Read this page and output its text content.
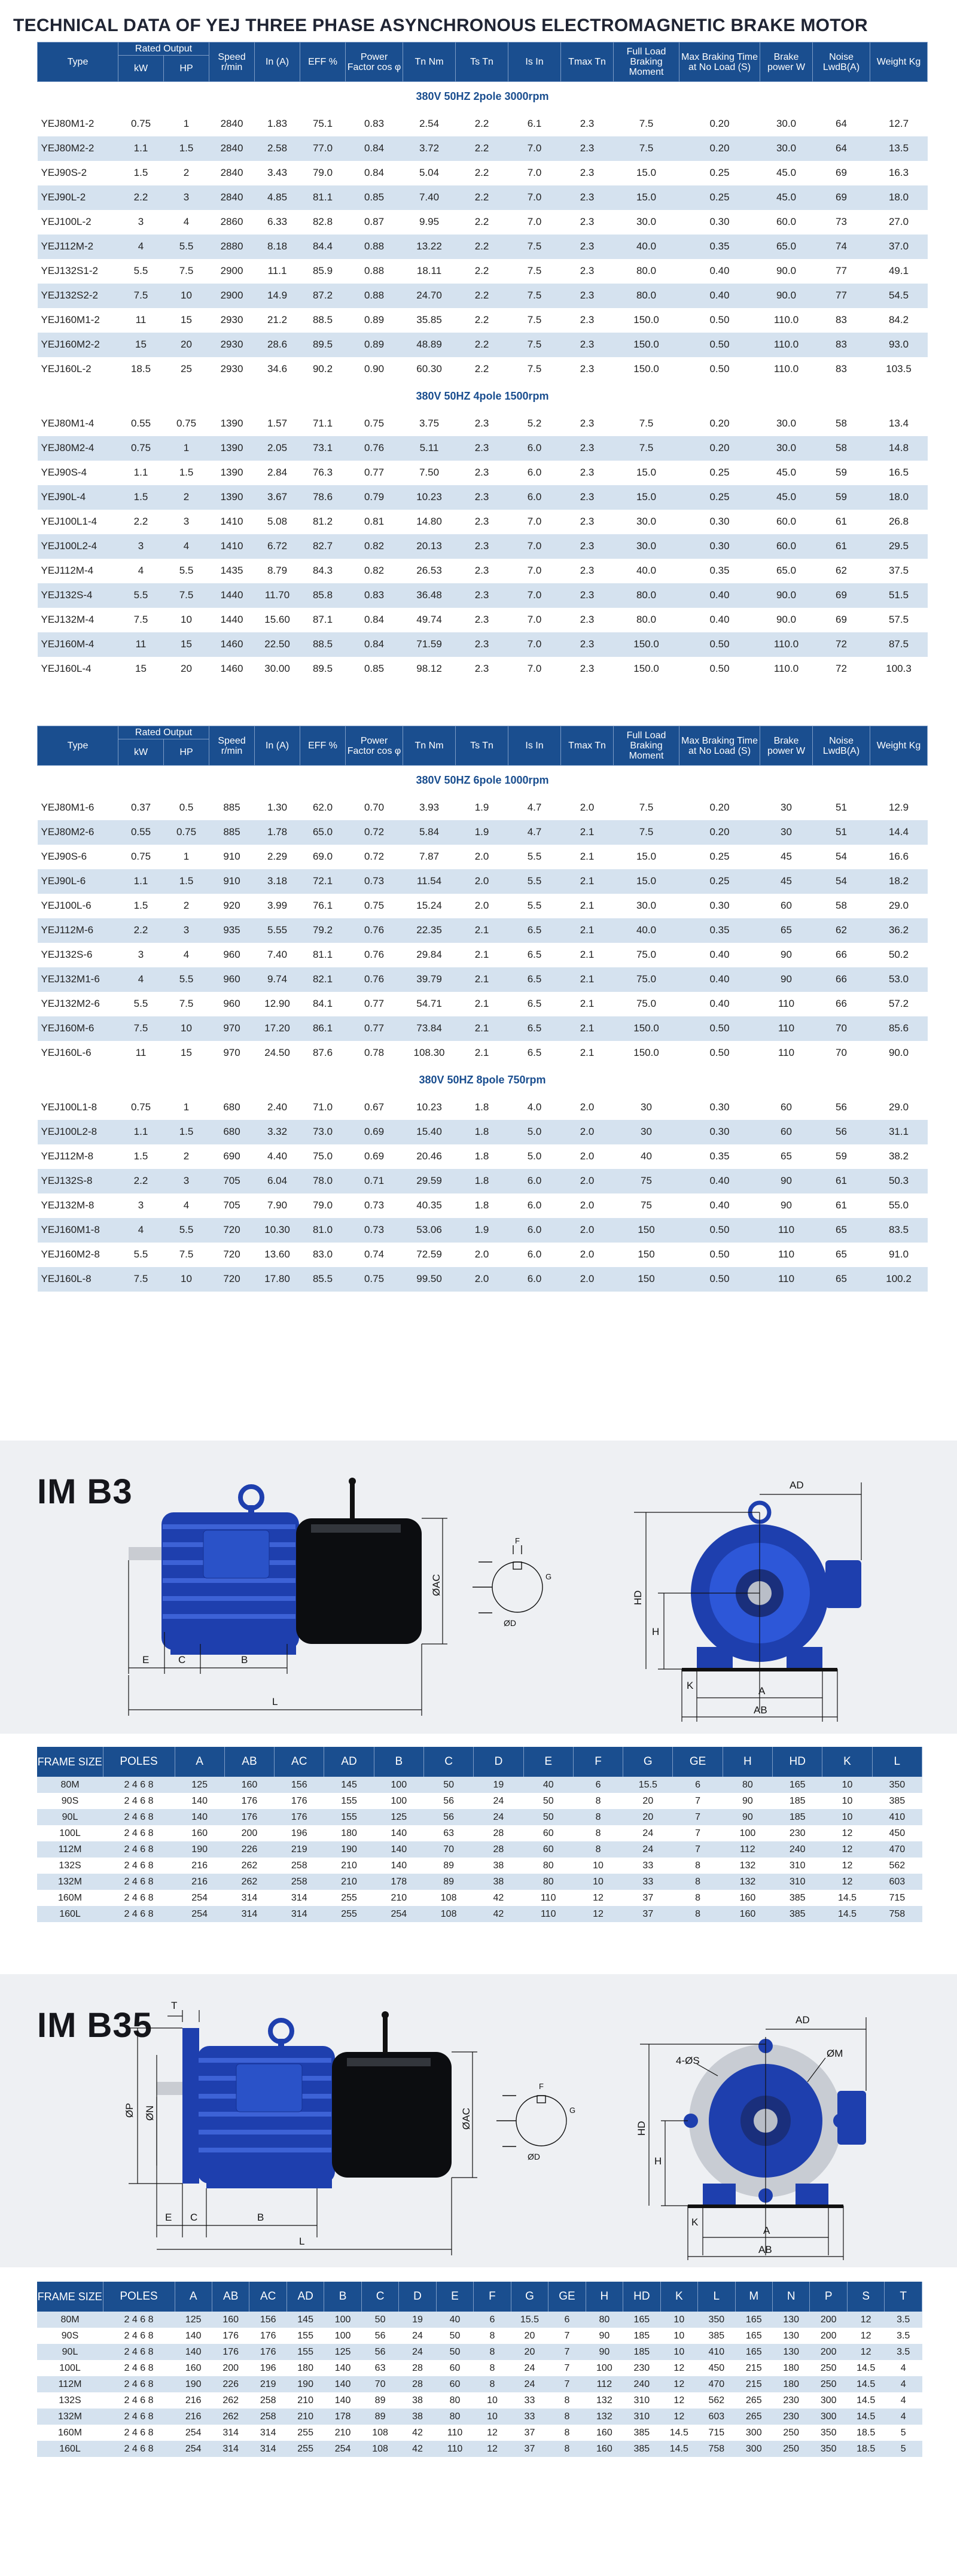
TECHNICAL DATA OF YEJ THREE PHASE ASYNCHRONOUS ELECTROMAGNETIC BRAKE MOTOR
Type	Rated Output		Speed r/min	In (A)	EFF %	Power Factor cos φ	Tn Nm	Ts Tn	Is In	Tmax Tn	Full Load Braking Moment	Max Braking Time at No Load (S)	Brake power W	Noise LwdB(A)	Weight Kg
	kW	HP													
380V 50HZ 2pole 3000rpm															
YEJ80M1-2	0.75	1	2840	1.83	75.1	0.83	2.54	2.2	6.1	2.3	7.5	0.20	30.0	64	12.7
YEJ80M2-2	1.1	1.5	2840	2.58	77.0	0.84	3.72	2.2	7.0	2.3	7.5	0.20	30.0	64	13.5
YEJ90S-2	1.5	2	2840	3.43	79.0	0.84	5.04	2.2	7.0	2.3	15.0	0.25	45.0	69	16.3
YEJ90L-2	2.2	3	2840	4.85	81.1	0.85	7.40	2.2	7.0	2.3	15.0	0.25	45.0	69	18.0
YEJ100L-2	3	4	2860	6.33	82.8	0.87	9.95	2.2	7.0	2.3	30.0	0.30	60.0	73	27.0
YEJ112M-2	4	5.5	2880	8.18	84.4	0.88	13.22	2.2	7.5	2.3	40.0	0.35	65.0	74	37.0
YEJ132S1-2	5.5	7.5	2900	11.1	85.9	0.88	18.11	2.2	7.5	2.3	80.0	0.40	90.0	77	49.1
YEJ132S2-2	7.5	10	2900	14.9	87.2	0.88	24.70	2.2	7.5	2.3	80.0	0.40	90.0	77	54.5
YEJ160M1-2	11	15	2930	21.2	88.5	0.89	35.85	2.2	7.5	2.3	150.0	0.50	110.0	83	84.2
YEJ160M2-2	15	20	2930	28.6	89.5	0.89	48.89	2.2	7.5	2.3	150.0	0.50	110.0	83	93.0
YEJ160L-2	18.5	25	2930	34.6	90.2	0.90	60.30	2.2	7.5	2.3	150.0	0.50	110.0	83	103.5
380V 50HZ 4pole 1500rpm															
YEJ80M1-4	0.55	0.75	1390	1.57	71.1	0.75	3.75	2.3	5.2	2.3	7.5	0.20	30.0	58	13.4
YEJ80M2-4	0.75	1	1390	2.05	73.1	0.76	5.11	2.3	6.0	2.3	7.5	0.20	30.0	58	14.8
YEJ90S-4	1.1	1.5	1390	2.84	76.3	0.77	7.50	2.3	6.0	2.3	15.0	0.25	45.0	59	16.5
YEJ90L-4	1.5	2	1390	3.67	78.6	0.79	10.23	2.3	6.0	2.3	15.0	0.25	45.0	59	18.0
YEJ100L1-4	2.2	3	1410	5.08	81.2	0.81	14.80	2.3	7.0	2.3	30.0	0.30	60.0	61	26.8
YEJ100L2-4	3	4	1410	6.72	82.7	0.82	20.13	2.3	7.0	2.3	30.0	0.30	60.0	61	29.5
YEJ112M-4	4	5.5	1435	8.79	84.3	0.82	26.53	2.3	7.0	2.3	40.0	0.35	65.0	62	37.5
YEJ132S-4	5.5	7.5	1440	11.70	85.8	0.83	36.48	2.3	7.0	2.3	80.0	0.40	90.0	69	51.5
YEJ132M-4	7.5	10	1440	15.60	87.1	0.84	49.74	2.3	7.0	2.3	80.0	0.40	90.0	69	57.5
YEJ160M-4	11	15	1460	22.50	88.5	0.84	71.59	2.3	7.0	2.3	150.0	0.50	110.0	72	87.5
YEJ160L-4	15	20	1460	30.00	89.5	0.85	98.12	2.3	7.0	2.3	150.0	0.50	110.0	72	100.3
Type	Rated Output		Speed r/min	In (A)	EFF %	Power Factor cos φ	Tn Nm	Ts Tn	Is In	Tmax Tn	Full Load Braking Moment	Max Braking Time at No Load (S)	Brake power W	Noise LwdB(A)	Weight Kg
	kW	HP													
380V 50HZ 6pole 1000rpm															
YEJ80M1-6	0.37	0.5	885	1.30	62.0	0.70	3.93	1.9	4.7	2.0	7.5	0.20	30	51	12.9
YEJ80M2-6	0.55	0.75	885	1.78	65.0	0.72	5.84	1.9	4.7	2.1	7.5	0.20	30	51	14.4
YEJ90S-6	0.75	1	910	2.29	69.0	0.72	7.87	2.0	5.5	2.1	15.0	0.25	45	54	16.6
YEJ90L-6	1.1	1.5	910	3.18	72.1	0.73	11.54	2.0	5.5	2.1	15.0	0.25	45	54	18.2
YEJ100L-6	1.5	2	920	3.99	76.1	0.75	15.24	2.0	5.5	2.1	30.0	0.30	60	58	29.0
YEJ112M-6	2.2	3	935	5.55	79.2	0.76	22.35	2.1	6.5	2.1	40.0	0.35	65	62	36.2
YEJ132S-6	3	4	960	7.40	81.1	0.76	29.84	2.1	6.5	2.1	75.0	0.40	90	66	50.2
YEJ132M1-6	4	5.5	960	9.74	82.1	0.76	39.79	2.1	6.5	2.1	75.0	0.40	90	66	53.0
YEJ132M2-6	5.5	7.5	960	12.90	84.1	0.77	54.71	2.1	6.5	2.1	75.0	0.40	110	66	57.2
YEJ160M-6	7.5	10	970	17.20	86.1	0.77	73.84	2.1	6.5	2.1	150.0	0.50	110	70	85.6
YEJ160L-6	11	15	970	24.50	87.6	0.78	108.30	2.1	6.5	2.1	150.0	0.50	110	70	90.0
380V 50HZ 8pole 750rpm															
YEJ100L1-8	0.75	1	680	2.40	71.0	0.67	10.23	1.8	4.0	2.0	30	0.30	60	56	29.0
YEJ100L2-8	1.1	1.5	680	3.32	73.0	0.69	15.40	1.8	5.0	2.0	30	0.30	60	56	31.1
YEJ112M-8	1.5	2	690	4.40	75.0	0.69	20.46	1.8	5.0	2.0	40	0.35	65	59	38.2
YEJ132S-8	2.2	3	705	6.04	78.0	0.71	29.59	1.8	6.0	2.0	75	0.40	90	61	50.3
YEJ132M-8	3	4	705	7.90	79.0	0.73	40.35	1.8	6.0	2.0	75	0.40	90	61	55.0
YEJ160M1-8	4	5.5	720	10.30	81.0	0.73	53.06	1.9	6.0	2.0	150	0.50	110	65	83.5
YEJ160M2-8	5.5	7.5	720	13.60	83.0	0.74	72.59	2.0	6.0	2.0	150	0.50	110	65	91.0
YEJ160L-8	7.5	10	720	17.80	85.5	0.75	99.50	2.0	6.0	2.0	150	0.50	110	65	100.2
IM B3
E	C	B
L
ØAC
F
G
ØD
AD
HD
H
K	A
AB
FRAME SIZE	POLES	A	AB	AC	AD	B	C	D	E	F	G	GE	H	HD	K	L
80M	2 4 6 8	125	160	156	145	100	50	19	40	6	15.5	6	80	165	10	350
90S	2 4 6 8	140	176	176	155	100	56	24	50	8	20	7	90	185	10	385
90L	2 4 6 8	140	176	176	155	125	56	24	50	8	20	7	90	185	10	410
100L	2 4 6 8	160	200	196	180	140	63	28	60	8	24	7	100	230	12	450
112M	2 4 6 8	190	226	219	190	140	70	28	60	8	24	7	112	240	12	470
132S	2 4 6 8	216	262	258	210	140	89	38	80	10	33	8	132	310	12	562
132M	2 4 6 8	216	262	258	210	178	89	38	80	10	33	8	132	310	12	603
160M	2 4 6 8	254	314	314	255	210	108	42	110	12	37	8	160	385	14.5	715
160L	2 4 6 8	254	314	314	255	254	108	42	110	12	37	8	160	385	14.5	758
IM B35
T
ØP ØN
E C	B
L
ØAC
F
G
ØD
AD
4-ØS
ØM
HD
H
K
A
AB
FRAME SIZE	POLES	A	AB	AC	AD	B	C	D	E	F	G	GE	H	HD	K	L	M	N	P	S	T
80M	2 4 6 8	125	160	156	145	100	50	19	40	6	15.5	6	80	165	10	350	165	130	200	12	3.5
90S	2 4 6 8	140	176	176	155	100	56	24	50	8	20	7	90	185	10	385	165	130	200	12	3.5
90L	2 4 6 8	140	176	176	155	125	56	24	50	8	20	7	90	185	10	410	165	130	200	12	3.5
100L	2 4 6 8	160	200	196	180	140	63	28	60	8	24	7	100	230	12	450	215	180	250	14.5	4
112M	2 4 6 8	190	226	219	190	140	70	28	60	8	24	7	112	240	12	470	215	180	250	14.5	4
132S	2 4 6 8	216	262	258	210	140	89	38	80	10	33	8	132	310	12	562	265	230	300	14.5	4
132M	2 4 6 8	216	262	258	210	178	89	38	80	10	33	8	132	310	12	603	265	230	300	14.5	4
160M	2 4 6 8	254	314	314	255	210	108	42	110	12	37	8	160	385	14.5	715	300	250	350	18.5	5
160L	2 4 6 8	254	314	314	255	254	108	42	110	12	37	8	160	385	14.5	758	300	250	350	18.5	5
